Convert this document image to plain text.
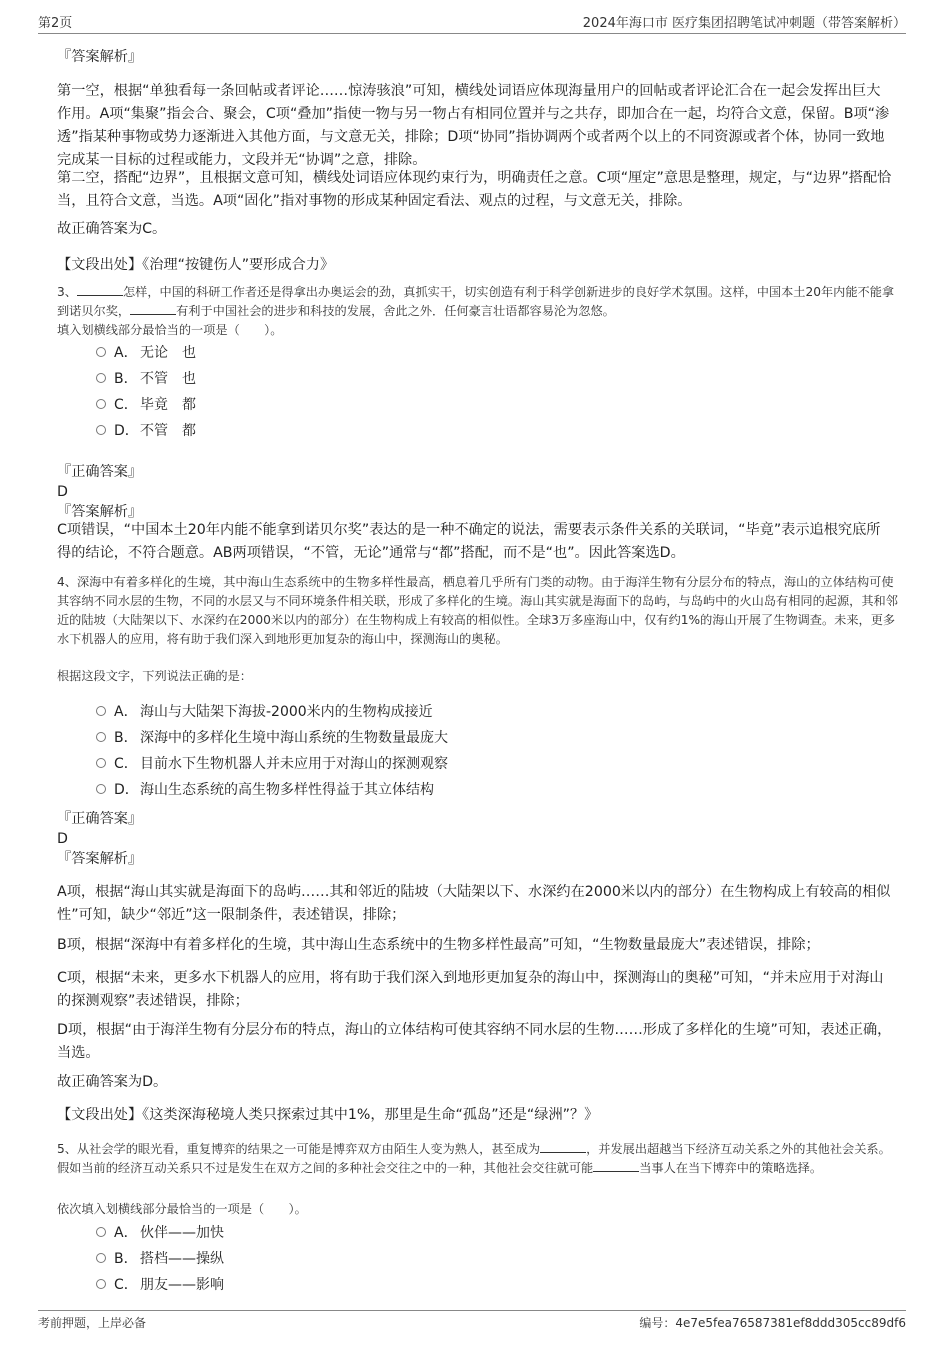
第2页	2024年海口市 医疗集团招聘笔试冲刺题（带答案解析）
『答案解析』
第一空，根据“单独看每一条回帖或者评论……惊涛骇浪”可知，横线处词语应体现海量用户的回帖或者评论汇合在一起会发挥出巨大作用。A项“集聚”指会合、聚会，C项“叠加”指使一物与另一物占有相同位置并与之共存，即加合在一起，均符合文意，保留。B项“渗透”指某种事物或势力逐渐进入其他方面，与文意无关，排除；D项“协同”指协调两个或者两个以上的不同资源或者个体，协同一致地完成某一目标的过程或能力，文段并无“协调”之意，排除。
第二空，搭配“边界”，且根据文意可知，横线处词语应体现约束行为，明确责任之意。C项“厘定”意思是整理，规定，与“边界”搭配恰当，且符合文意，当选。A项“固化”指对事物的形成某种固定看法、观点的过程，与文意无关，排除。
故正确答案为C。
【文段出处】《治理“按键伤人”要形成合力》
3、	怎样，中国的科研工作者还是得拿出办奥运会的劲，真抓实干，切实创造有利于科学创新进步的良好学术氛围。这样，中国本土20年内能不能拿到诺贝尔奖，	有利于中国社会的进步和科技的发展，舍此之外．任何豪言壮语都容易沦为忽悠。
填入划横线部分最恰当的一项是（　　）。
A． 无论　也
B． 不管　也
C． 毕竟　都
D．不管　都
『正确答案』
D
『答案解析』
C项错误，“中国本土20年内能不能拿到诺贝尔奖”表达的是一种不确定的说法，需要表示条件关系的关联词，“毕竟”表示追根究底所得的结论，不符合题意。AB两项错误，“不管，无论”通常与“都”搭配，而不是“也”。因此答案选D。
4、深海中有着多样化的生境，其中海山生态系统中的生物多样性最高，栖息着几乎所有门类的动物。由于海洋生物有分层分布的特点，海山的立体结构可使其容纳不同水层的生物，不同的水层又与不同环境条件相关联，形成了多样化的生境。海山其实就是海面下的岛屿，与岛屿中的火山岛有相同的起源，其和邻近的陆坡（大陆架以下、水深约在2000米以内的部分）在生物构成上有较高的相似性。全球3万多座海山中，仅有约1%的海山开展了生物调查。未来，更多水下机器人的应用，将有助于我们深入到地形更加复杂的海山中，探测海山的奥秘。
根据这段文字，下列说法正确的是：
A． 海山与大陆架下海拔-2000米内的生物构成接近
B． 深海中的多样化生境中海山系统的生物数量最庞大
C． 目前水下生物机器人并未应用于对海山的探测观察
D．海山生态系统的高生物多样性得益于其立体结构
『正确答案』
D
『答案解析』
A项，根据“海山其实就是海面下的岛屿……其和邻近的陆坡（大陆架以下、水深约在2000米以内的部分）在生物构成上有较高的相似性”可知，缺少“邻近”这一限制条件，表述错误，排除；
B项，根据“深海中有着多样化的生境，其中海山生态系统中的生物多样性最高”可知，“生物数量最庞大”表述错误，排除；
C项，根据“未来，更多水下机器人的应用，将有助于我们深入到地形更加复杂的海山中，探测海山的奥秘”可知，“并未应用于对海山的探测观察”表述错误，排除；
D项，根据“由于海洋生物有分层分布的特点，海山的立体结构可使其容纳不同水层的生物……形成了多样化的生境”可知，表述正确，当选。
故正确答案为D。
【文段出处】《这类深海秘境人类只探索过其中1%，那里是生命“孤岛”还是“绿洲”？》
5、从社会学的眼光看，重复博弈的结果之一可能是博弈双方由陌生人变为熟人，甚至成为	，并发展出超越当下经济互动关系之外的其他社会关系。假如当前的经济互动关系只不过是发生在双方之间的多种社会交往之中的一种，其他社会交往就可能	当事人在当下博弈中的策略选择。
依次填入划横线部分最恰当的一项是（　　）。
A． 伙伴——加快
B． 搭档——操纵
C． 朋友——影响
考前押题，上岸必备	编号：4e7e5fea76587381ef8ddd305cc89df6
